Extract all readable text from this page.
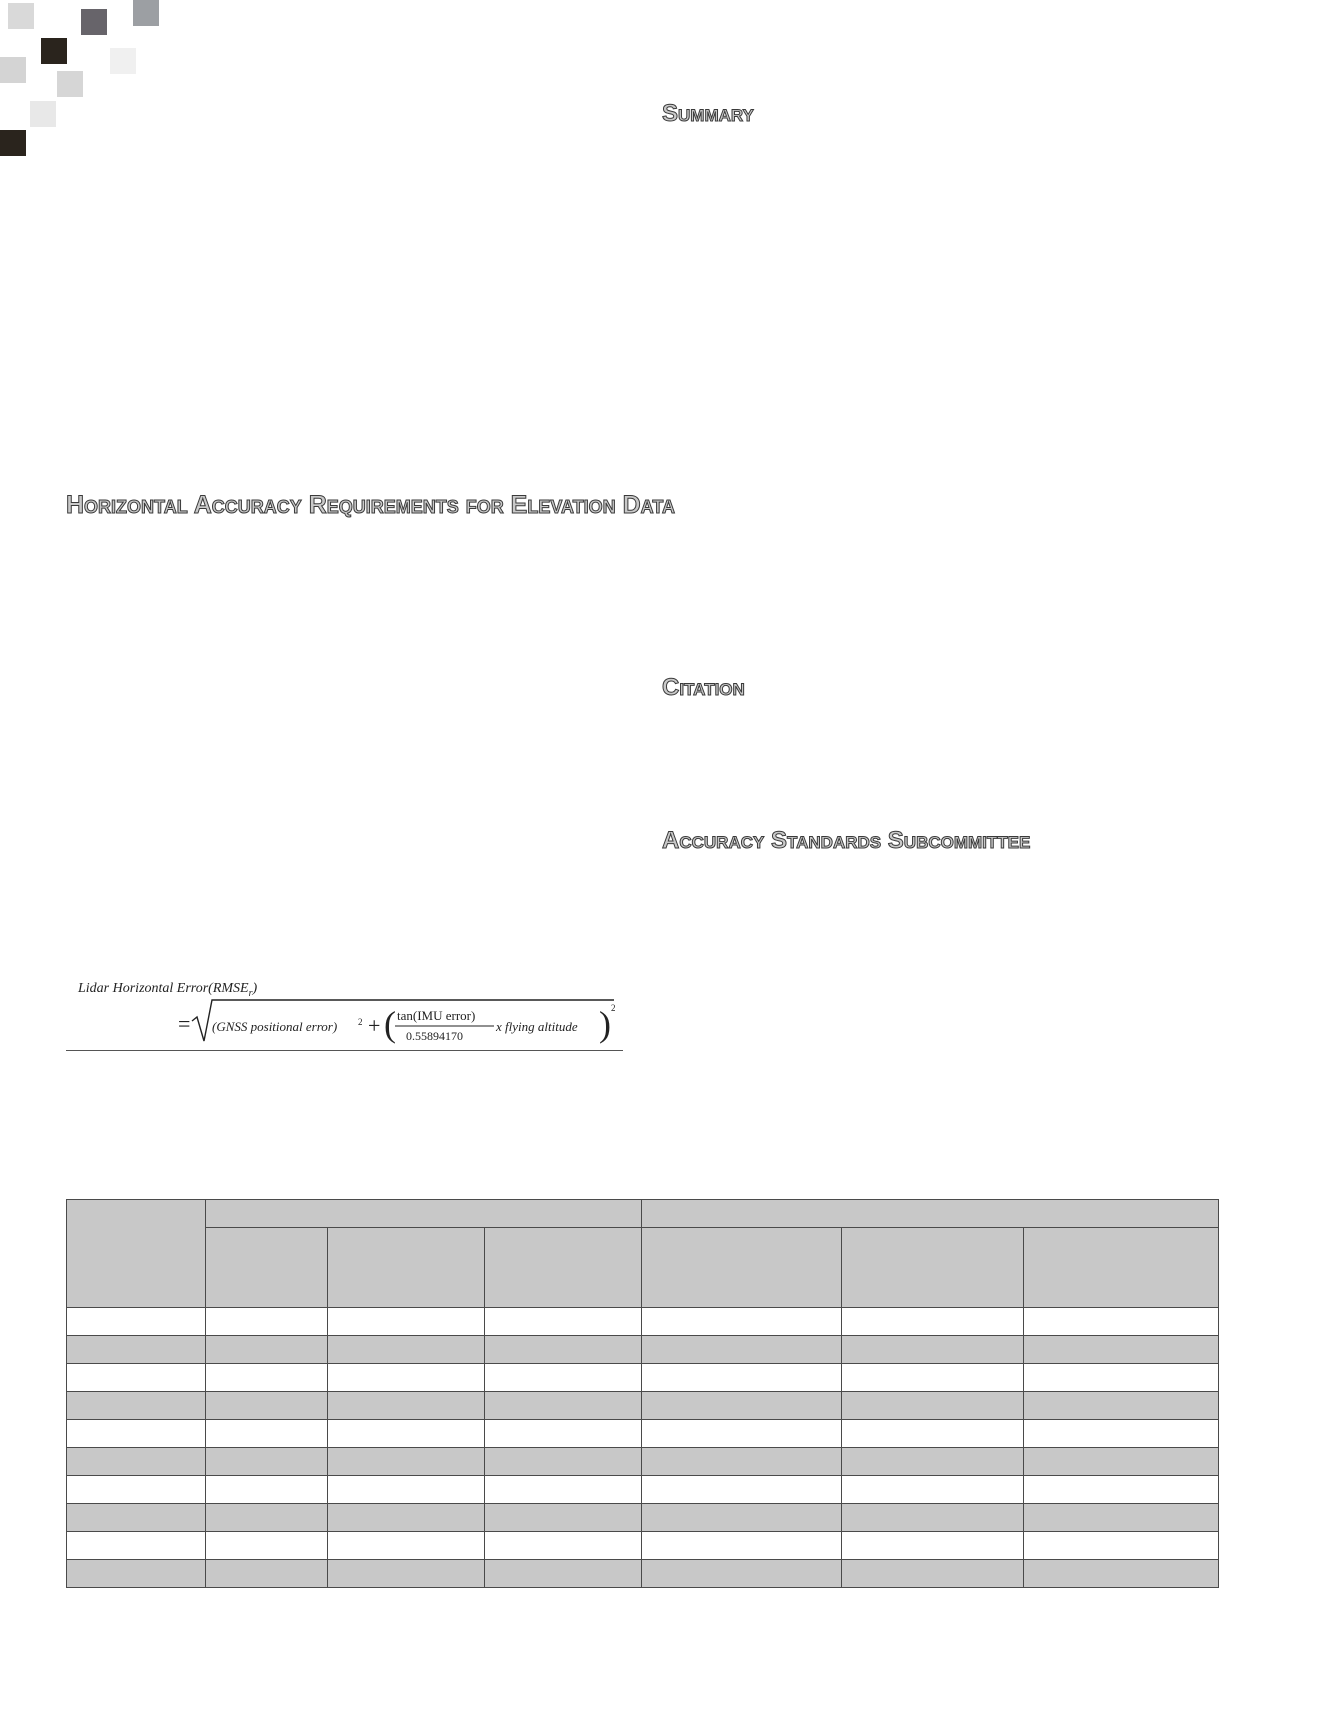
Horizontal Accuracy Requirements for Elevation Data
Summary
Citation
Accuracy Standards Subcommittee
Lidar Horizontal $Error(RMSE_r)$
= (GNSS positional error) 2 + ( tan(IMU error)
0.55894170
x flying altitude ) 2
